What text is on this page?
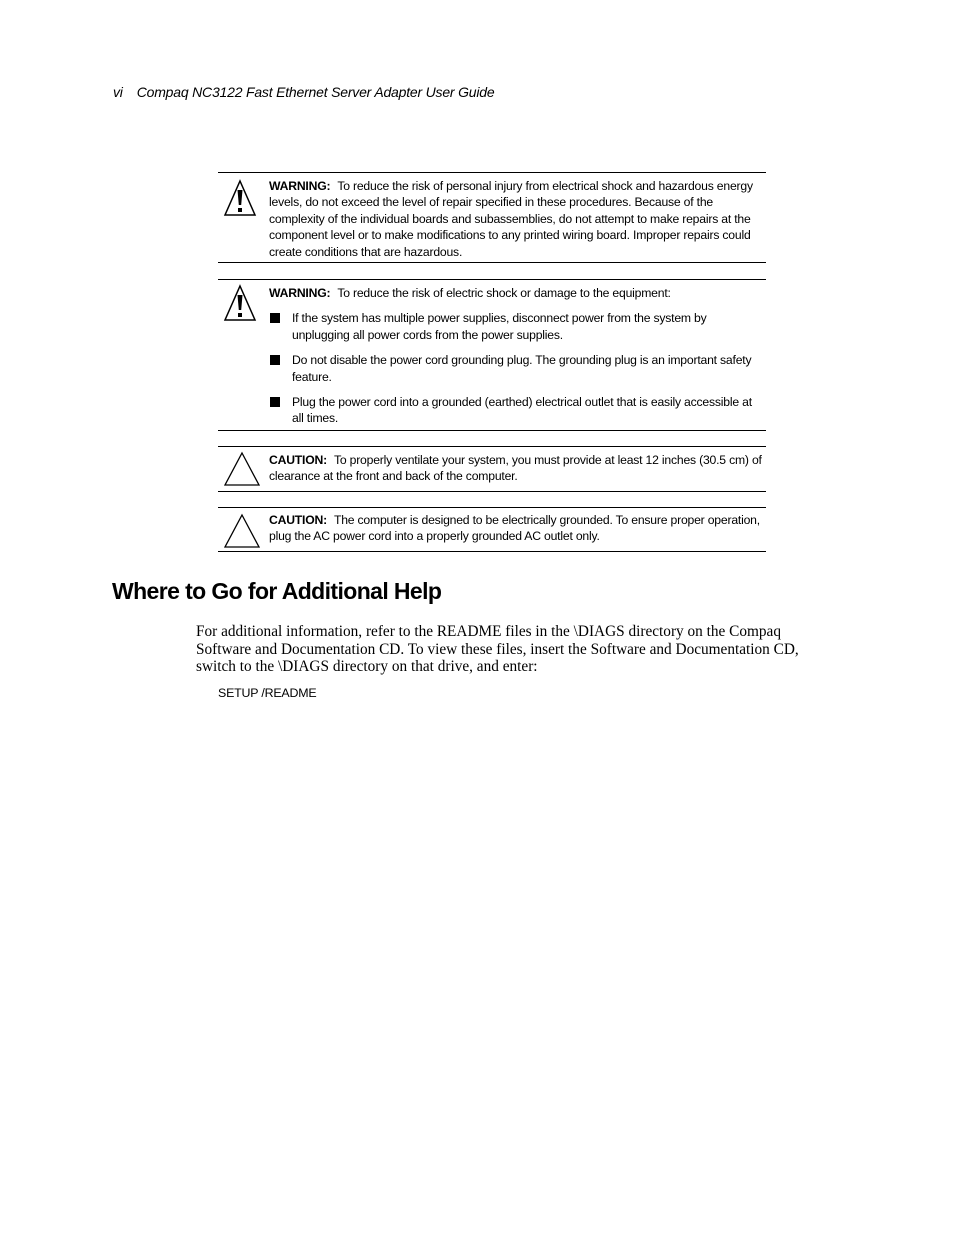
vi Compaq NC3122 Fast Ethernet Server Adapter User Guide
WARNING: To reduce the risk of personal injury from electrical shock and hazardous energy levels, do not exceed the level of repair specified in these procedures. Because of the complexity of the individual boards and subassemblies, do not attempt to make repairs at the component level or to make modifications to any printed wiring board. Improper repairs could create conditions that are hazardous.
WARNING: To reduce the risk of electric shock or damage to the equipment:
If the system has multiple power supplies, disconnect power from the system by unplugging all power cords from the power supplies.
Do not disable the power cord grounding plug. The grounding plug is an important safety feature.
Plug the power cord into a grounded (earthed) electrical outlet that is easily accessible at all times.
CAUTION: To properly ventilate your system, you must provide at least 12 inches (30.5 cm) of clearance at the front and back of the computer.
CAUTION: The computer is designed to be electrically grounded. To ensure proper operation, plug the AC power cord into a properly grounded AC outlet only.
Where to Go for Additional Help

For additional information, refer to the README files in the \DIAGS directory on the Compaq Software and Documentation CD. To view these files, insert the Software and Documentation CD, switch to the \DIAGS directory on that drive, and enter:

SETUP /README
